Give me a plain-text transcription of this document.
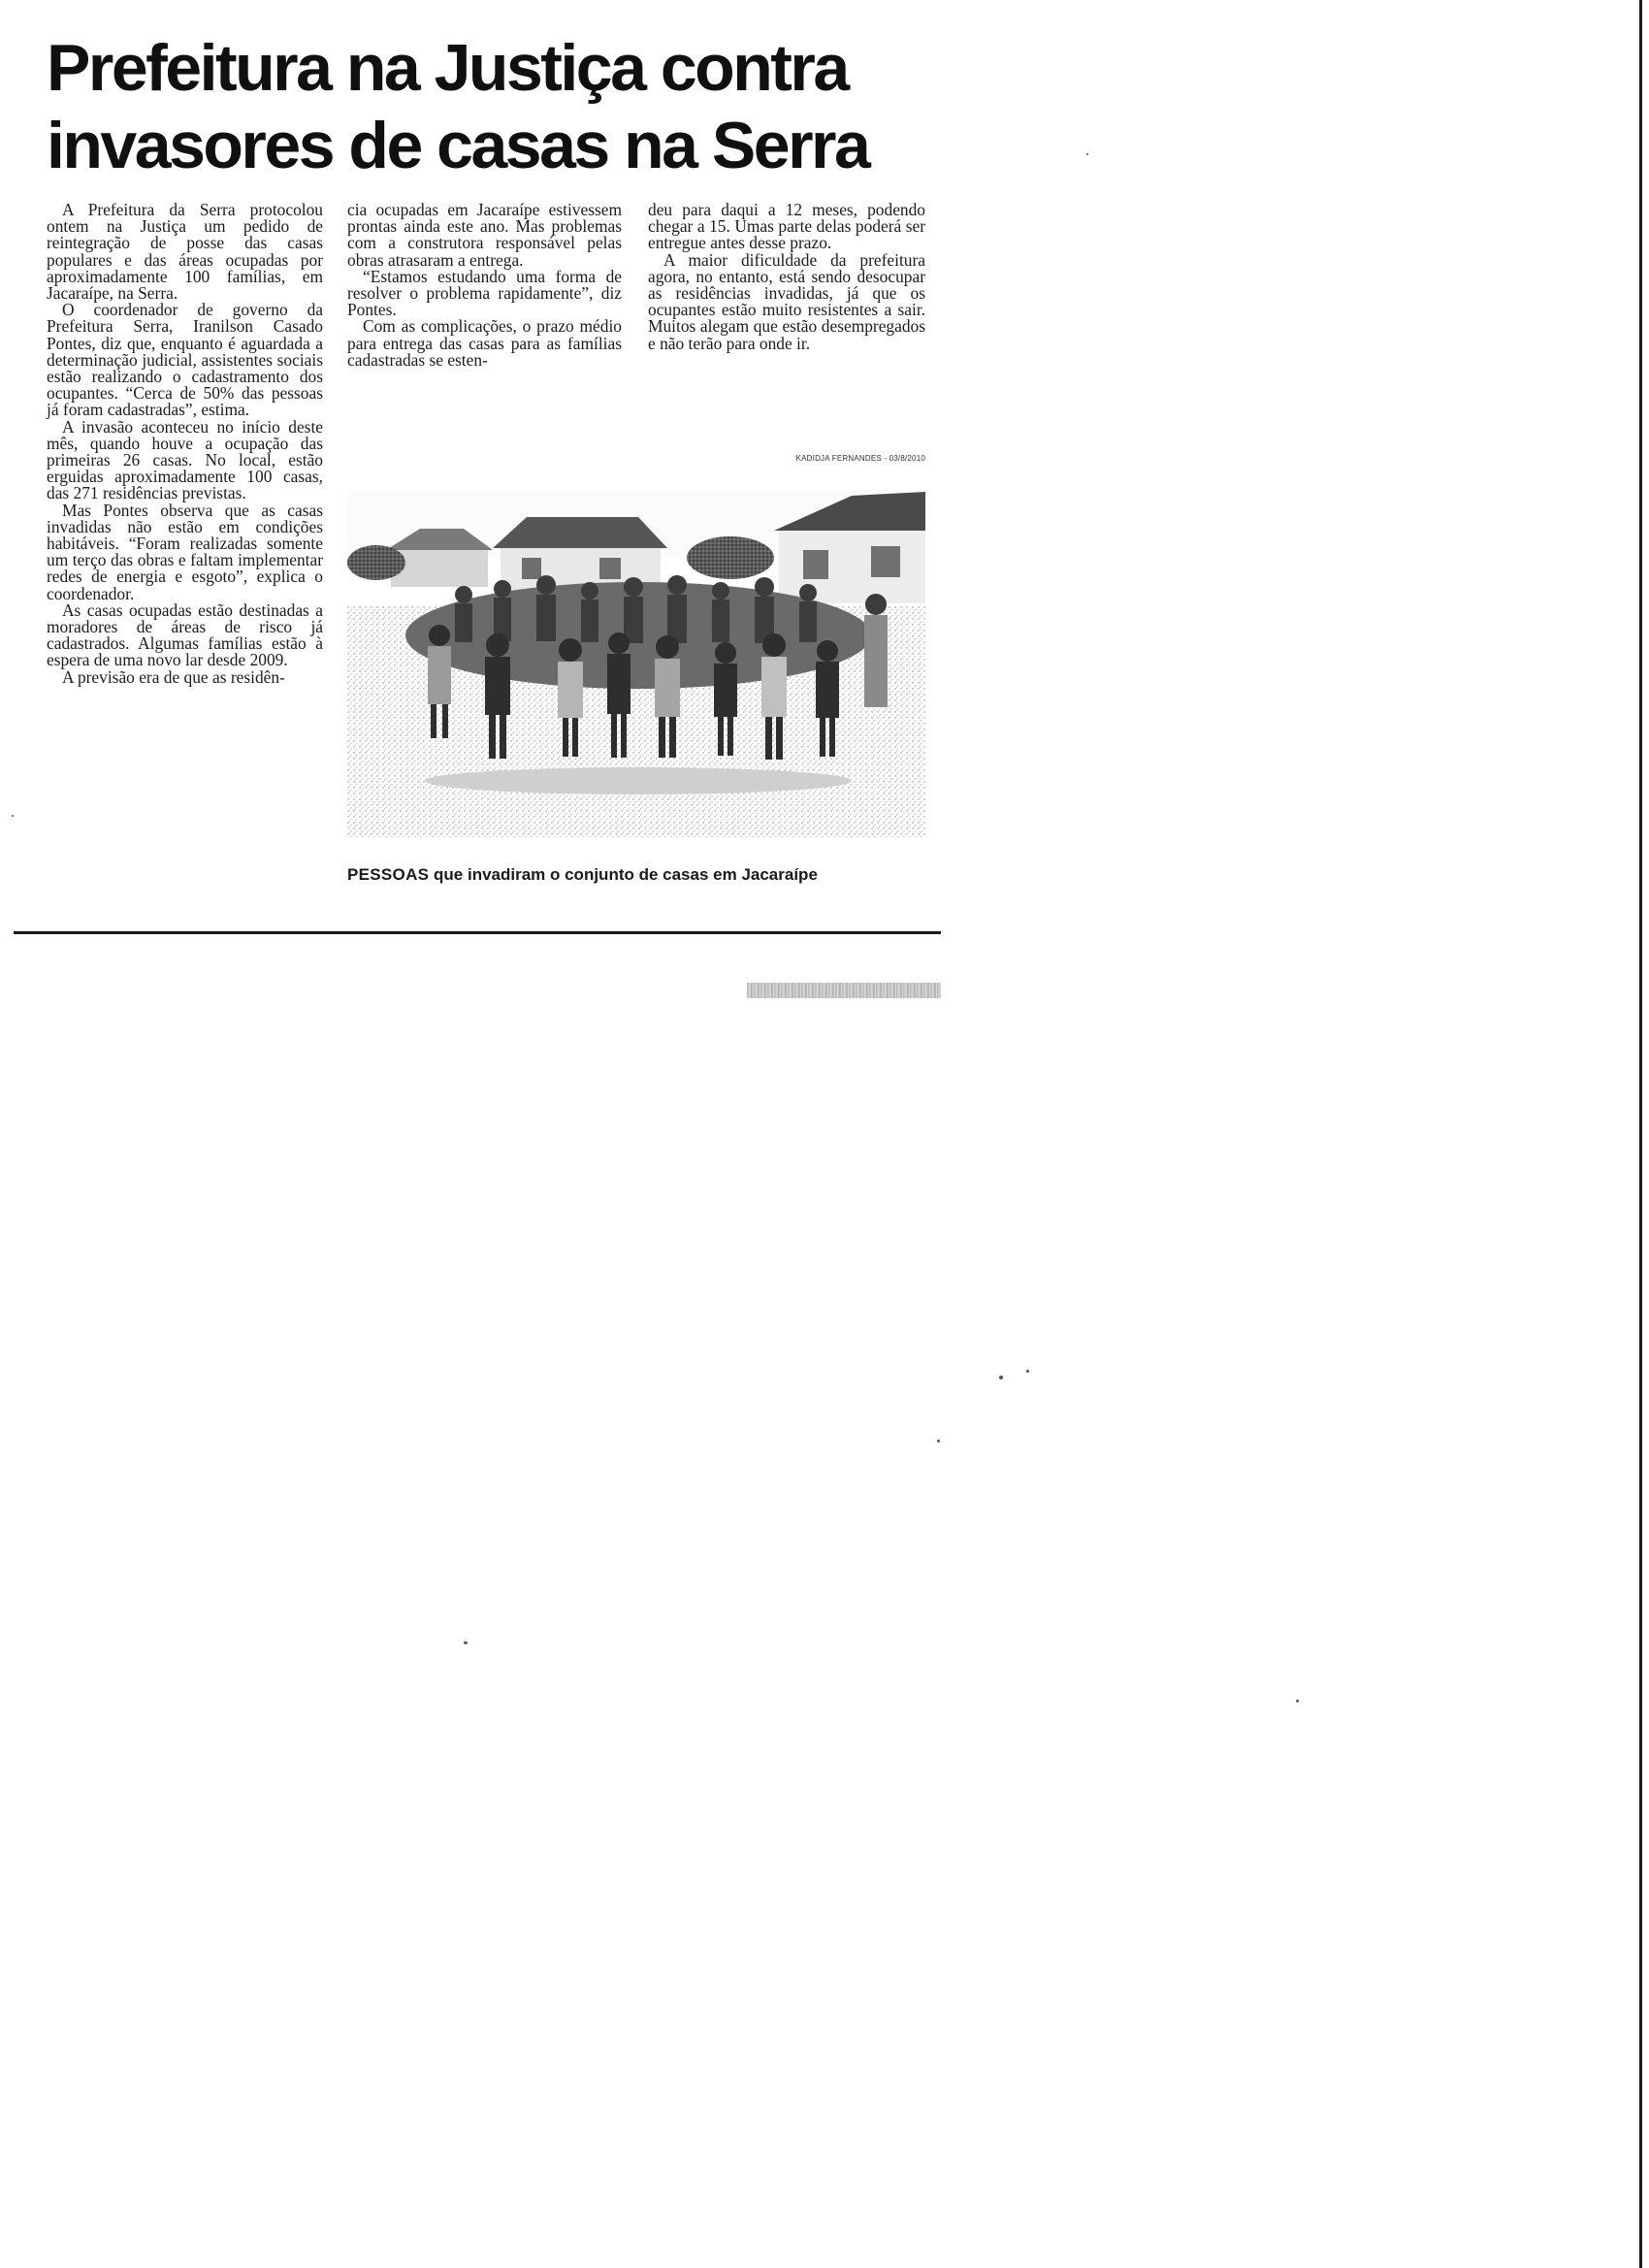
Prefeitura na Justiça contra invasores de casas na Serra

A Prefeitura da Serra protocolou ontem na Justiça um pedido de reintegração de posse das casas populares e das áreas ocupadas por aproximadamente 100 famílias, em Jacaraípe, na Serra.

O coordenador de governo da Prefeitura Serra, Iranilson Casado Pontes, diz que, enquanto é aguardada a determinação judicial, assistentes sociais estão realizando o cadastramento dos ocupantes. “Cerca de 50% das pessoas já foram cadastradas”, estima.

A invasão aconteceu no início deste mês, quando houve a ocupação das primeiras 26 casas. No local, estão erguidas aproximadamente 100 casas, das 271 residências previstas.

Mas Pontes observa que as casas invadidas não estão em condições habitáveis. “Foram realizadas somente um terço das obras e faltam implementar redes de energia e esgoto”, explica o coordenador.

As casas ocupadas estão destinadas a moradores de áreas de risco já cadastrados. Algumas famílias estão à espera de uma novo lar desde 2009.

A previsão era de que as residên-

cia ocupadas em Jacaraípe estivessem prontas ainda este ano. Mas problemas com a construtora responsável pelas obras atrasaram a entrega.

“Estamos estudando uma forma de resolver o problema rapidamente”, diz Pontes.

Com as complicações, o prazo médio para entrega das casas para as famílias cadastradas se esten-

deu para daqui a 12 meses, podendo chegar a 15. Umas parte delas poderá ser entregue antes desse prazo.

A maior dificuldade da prefeitura agora, no entanto, está sendo desocupar as residências invadidas, já que os ocupantes estão muito resistentes a sair. Muitos alegam que estão desempregados e não terão para onde ir.

KADIDJA FERNANDES - 03/8/2010
PESSOAS que invadiram o conjunto de casas em Jacaraípe
